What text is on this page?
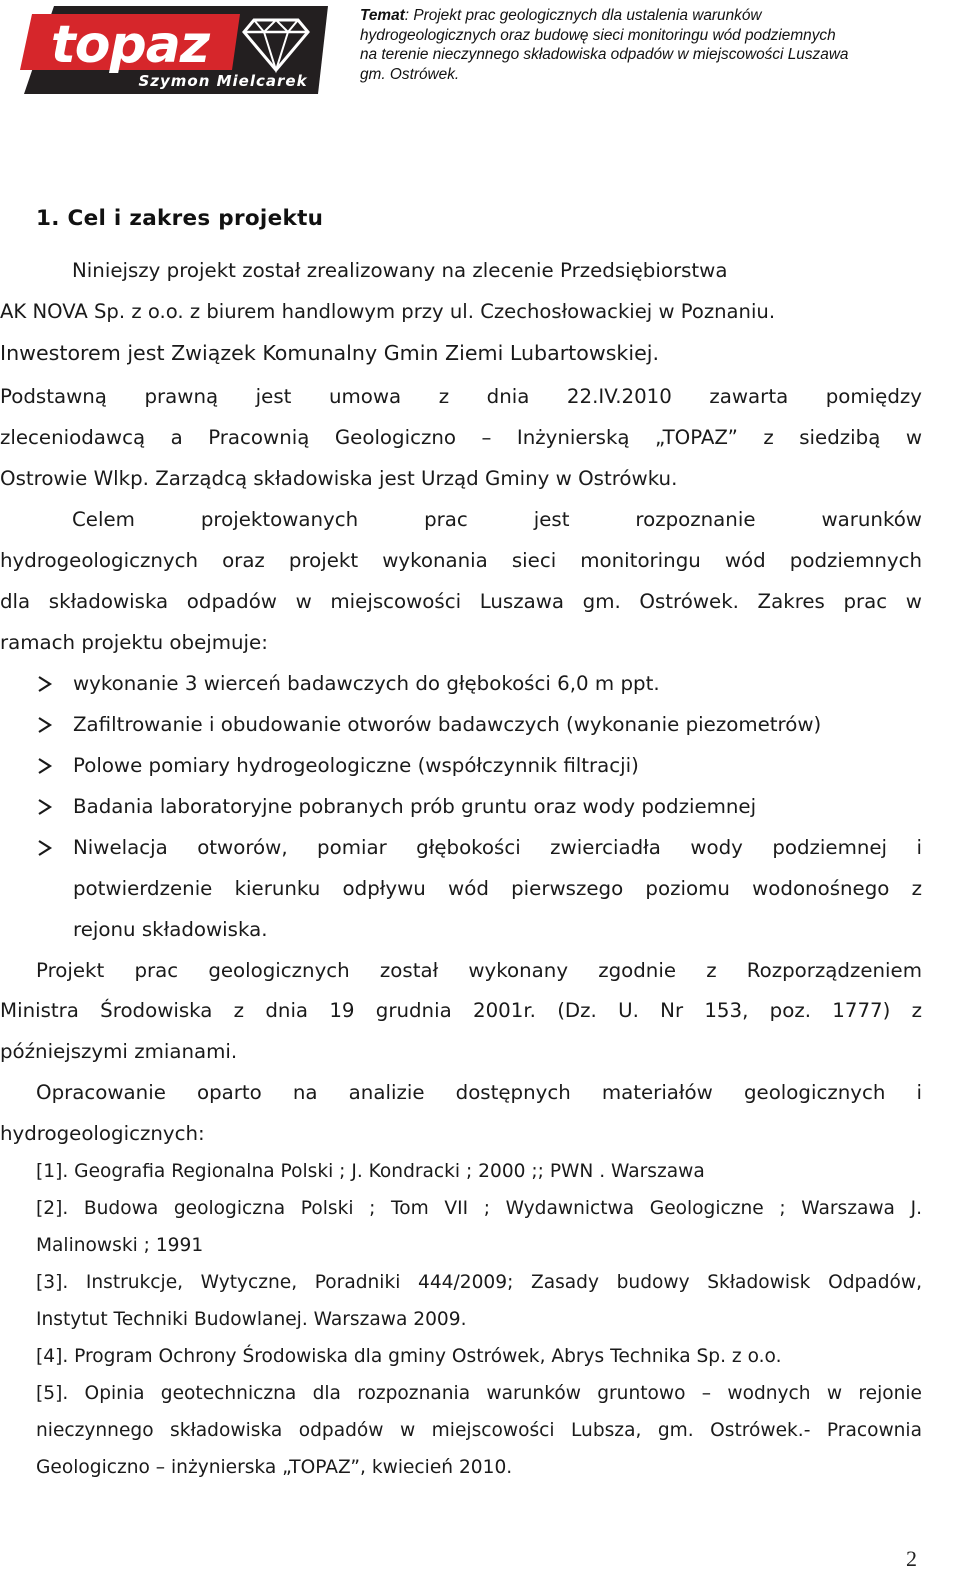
topaz
Szymon Mielcarek
Temat: Projekt prac geologicznych dla ustalenia warunków
hydrogeologicznych oraz budowę sieci monitoringu wód podziemnych
na terenie nieczynnego składowiska odpadów w miejscowości Luszawa
gm. Ostrówek.
1. Cel i zakres projektu
Niniejszy projekt został zrealizowany na zlecenie Przedsiębiorstwa
AK NOVA Sp. z o.o. z biurem handlowym przy ul. Czechosłowackiej w Poznaniu.
Inwestorem jest Związek Komunalny Gmin Ziemi Lubartowskiej.
Podstawną prawną jest umowa z dnia 22.IV.2010 zawarta pomiędzy
zleceniodawcą a Pracownią Geologiczno – Inżynierską „TOPAZ” z siedzibą w
Ostrowie Wlkp. Zarządcą składowiska jest Urząd Gminy w Ostrówku.
Celem projektowanych prac jest rozpoznanie warunków
hydrogeologicznych oraz projekt wykonania sieci monitoringu wód podziemnych
dla składowiska odpadów w miejscowości Luszawa gm. Ostrówek. Zakres prac w
ramach projektu obejmuje:
wykonanie 3 wierceń badawczych do głębokości 6,0 m ppt.
Zafiltrowanie i obudowanie otworów badawczych (wykonanie piezometrów)
Polowe pomiary hydrogeologiczne (współczynnik filtracji)
Badania laboratoryjne pobranych prób gruntu oraz wody podziemnej
Niwelacja otworów, pomiar głębokości zwierciadła wody podziemnej i
potwierdzenie kierunku odpływu wód pierwszego poziomu wodonośnego z
rejonu składowiska.
Projekt prac geologicznych został wykonany zgodnie z Rozporządzeniem
Ministra Środowiska z dnia 19 grudnia 2001r. (Dz. U. Nr 153, poz. 1777) z
późniejszymi zmianami.
Opracowanie oparto na analizie dostępnych materiałów geologicznych i
hydrogeologicznych:
[1]. Geografia Regionalna Polski ; J. Kondracki ; 2000 ;; PWN . Warszawa
[2]. Budowa geologiczna Polski ; Tom VII ; Wydawnictwa Geologiczne ; Warszawa J.
Malinowski ; 1991
[3]. Instrukcje, Wytyczne, Poradniki 444/2009; Zasady budowy Składowisk Odpadów,
Instytut Techniki Budowlanej. Warszawa 2009.
[4]. Program Ochrony Środowiska dla gminy Ostrówek, Abrys Technika Sp. z o.o.
[5]. Opinia geotechniczna dla rozpoznania warunków gruntowo – wodnych w rejonie
nieczynnego składowiska odpadów w miejscowości Lubsza, gm. Ostrówek.- Pracownia
Geologiczno – inżynierska „TOPAZ”, kwiecień 2010.
2
